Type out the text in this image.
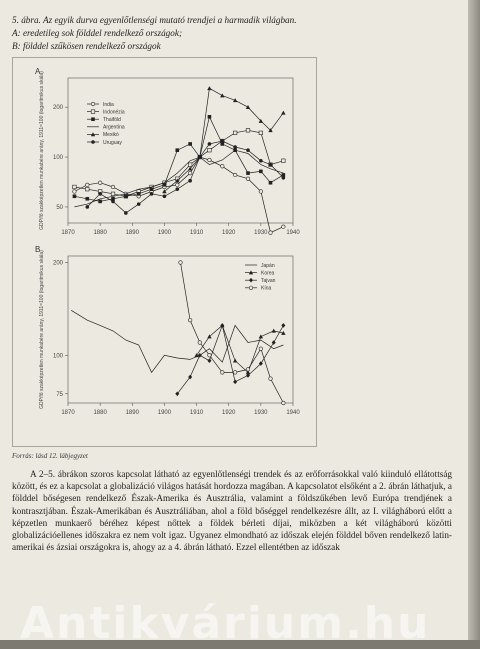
5. ábra. Az egyik durva egyenlőtlenségi mutató trendjei a harmadik világban.
A: eredetileg sok földdel rendelkező országok;
B: földdel szűkösen rendelkező országok
A
50
100
200
1870	1880	1890	1900	1910	1920	1930	1940
GDP/fő szakképzetlen munkabére arány, 1911=100 (logaritmikus skála)	India
Indonézia
Thaiföld
Argentína
Mexikó
Uruguay
B
75
100
200
1870	1880	1890	1900	1910	1920	1930	1940
GDP/fő szakképzetlen munkabére arány, 1911=100 (logaritmikus skála)	Japán
Korea
Tajvan
Kína
Forrás: lásd 12. lábjegyzet

A 2–5. ábrákon szoros kapcsolat látható az egyenlőtlenségi trendek és az erőforrásokkal való kiinduló ellátottság között, és ez a kapcsolat a globalizáció világos hatását hordozza magában. A kapcsolatot elsőként a 2. ábrán láthatjuk, a földdel bőségesen rendelkező Észak-Amerika és Ausztrália, valamint a földszűkében levő Európa trendjének a kontrasztjában. Észak-Amerikában és Ausztráliában, ahol a föld bőséggel rendelkezésre állt, az I. világháború előtt a képzetlen munkaerő béréhez képest nőttek a földek bérleti díjai, miközben a két világháború közötti globalizációellenes időszakra ez nem volt igaz. Ugyanez elmondható az időszak elején földdel bőven rendelkező latin-amerikai és ázsiai országokra is, ahogy az a 4. ábrán látható. Ezzel ellentétben az időszak

Antikvárium.hu
